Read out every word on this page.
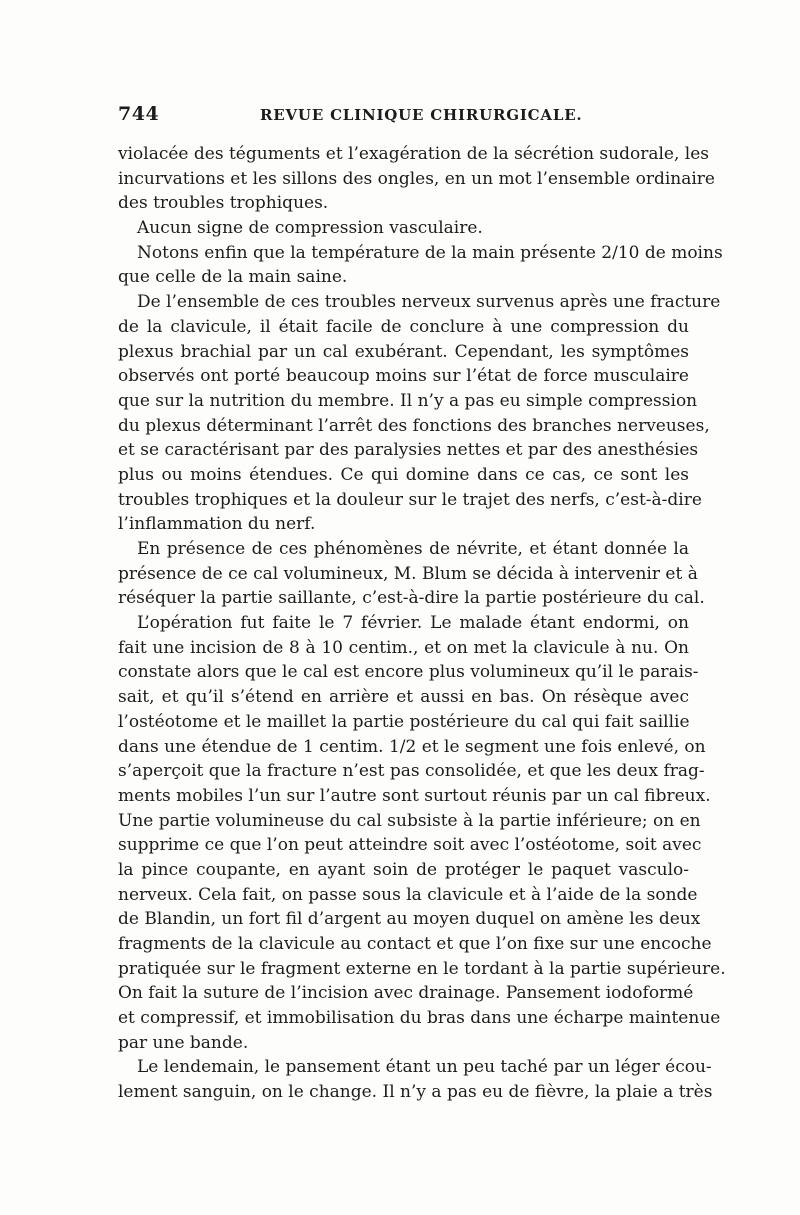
744	REVUE CLINIQUE CHIRURGICALE.
violacée des téguments et l’exagération de la sécrétion sudorale, les
incurvations et les sillons des ongles, en un mot l’ensemble ordinaire
des troubles trophiques.
Aucun signe de compression vasculaire.
Notons enfin que la température de la main présente 2/10 de moins
que celle de la main saine.
De l’ensemble de ces troubles nerveux survenus après une fracture
de la clavicule, il était facile de conclure à une compression du
plexus brachial par un cal exubérant. Cependant, les symptômes
observés ont porté beaucoup moins sur l’état de force musculaire
que sur la nutrition du membre. Il n’y a pas eu simple compression
du plexus déterminant l’arrêt des fonctions des branches nerveuses,
et se caractérisant par des paralysies nettes et par des anesthésies
plus ou moins étendues. Ce qui domine dans ce cas, ce sont les
troubles trophiques et la douleur sur le trajet des nerfs, c’est-à-dire
l’inflammation du nerf.
En présence de ces phénomènes de névrite, et étant donnée la
présence de ce cal volumineux, M. Blum se décida à intervenir et à
réséquer la partie saillante, c’est-à-dire la partie postérieure du cal.
L’opération fut faite le 7 février. Le malade étant endormi, on
fait une incision de 8 à 10 centim., et on met la clavicule à nu. On
constate alors que le cal est encore plus volumineux qu’il le parais-
sait, et qu’il s’étend en arrière et aussi en bas. On résèque avec
l’ostéotome et le maillet la partie postérieure du cal qui fait saillie
dans une étendue de 1 centim. 1/2 et le segment une fois enlevé, on
s’aperçoit que la fracture n’est pas consolidée, et que les deux frag-
ments mobiles l’un sur l’autre sont surtout réunis par un cal fibreux.
Une partie volumineuse du cal subsiste à la partie inférieure; on en
supprime ce que l’on peut atteindre soit avec l’ostéotome, soit avec
la pince coupante, en ayant soin de protéger le paquet vasculo-
nerveux. Cela fait, on passe sous la clavicule et à l’aide de la sonde
de Blandin, un fort fil d’argent au moyen duquel on amène les deux
fragments de la clavicule au contact et que l’on fixe sur une encoche
pratiquée sur le fragment externe en le tordant à la partie supérieure.
On fait la suture de l’incision avec drainage. Pansement iodoformé
et compressif, et immobilisation du bras dans une écharpe maintenue
par une bande.
Le lendemain, le pansement étant un peu taché par un léger écou-
lement sanguin, on le change. Il n’y a pas eu de fièvre, la plaie a très
